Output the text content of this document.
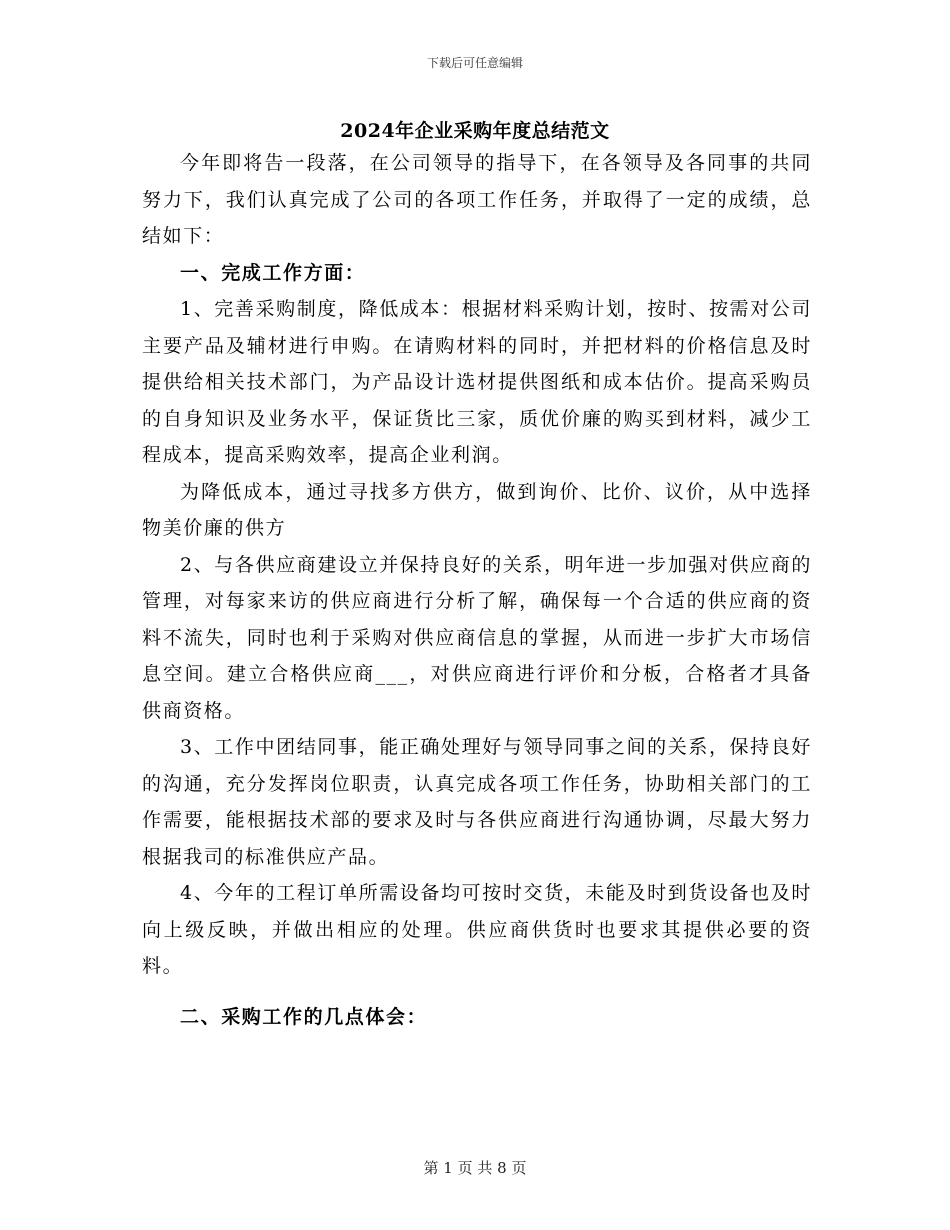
下载后可任意编辑
2024年企业采购年度总结范文

今年即将告一段落，在公司领导的指导下，在各领导及各同事的共同努力下，我们认真完成了公司的各项工作任务，并取得了一定的成绩，总结如下：

一、完成工作方面：

1、完善采购制度，降低成本：根据材料采购计划，按时、按需对公司主要产品及辅材进行申购。在请购材料的同时，并把材料的价格信息及时提供给相关技术部门，为产品设计选材提供图纸和成本估价。提高采购员的自身知识及业务水平，保证货比三家，质优价廉的购买到材料，减少工程成本，提高采购效率，提高企业利润。

为降低成本，通过寻找多方供方，做到询价、比价、议价，从中选择物美价廉的供方

2、与各供应商建设立并保持良好的关系，明年进一步加强对供应商的管理，对每家来访的供应商进行分析了解，确保每一个合适的供应商的资料不流失，同时也利于采购对供应商信息的掌握，从而进一步扩大市场信息空间。建立合格供应商___，对供应商进行评价和分板，合格者才具备供商资格。

3、工作中团结同事，能正确处理好与领导同事之间的关系，保持良好的沟通，充分发挥岗位职责，认真完成各项工作任务，协助相关部门的工作需要，能根据技术部的要求及时与各供应商进行沟通协调，尽最大努力根据我司的标准供应产品。

4、今年的工程订单所需设备均可按时交货，未能及时到货设备也及时向上级反映，并做出相应的处理。供应商供货时也要求其提供必要的资料。

二、采购工作的几点体会：

第 1 页 共 8 页
